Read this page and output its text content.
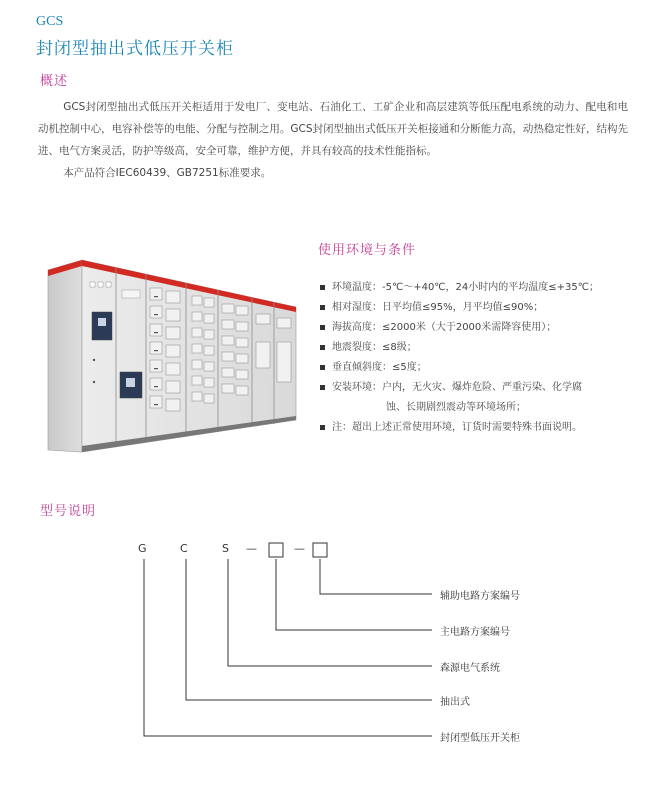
GCS
封闭型抽出式低压开关柜
概述

GCS封闭型抽出式低压开关柜适用于发电厂、变电站、石油化工、工矿企业和高层建筑等低压配电系统的动力、配电和电动机控制中心，电容补偿等的电能、分配与控制之用。GCS封闭型抽出式低压开关柜接通和分断能力高，动热稳定性好，结构先进、电气方案灵活，防护等级高，安全可靠，维护方便，并具有较高的技术性能指标。

本产品符合IEC60439、GB7251标准要求。

使用环境与条件
环境温度：-5℃～+40℃，24小时内的平均温度≤+35℃；
相对湿度：日平均值≤95%，月平均值≤90%；
海拔高度：≤2000米（大于2000米需降容使用）；
地震裂度：≤8级；
垂直倾斜度：≤5度；
安装环境：户内，无火灾、爆炸危险、严重污染、化学腐
蚀、长期剧烈震动等环境场所；
注：超出上述正常使用环境，订货时需要特殊书面说明。
型号说明
G	C	S —	—
辅助电路方案编号
主电路方案编号
森源电气系统
抽出式
封闭型低压开关柜
